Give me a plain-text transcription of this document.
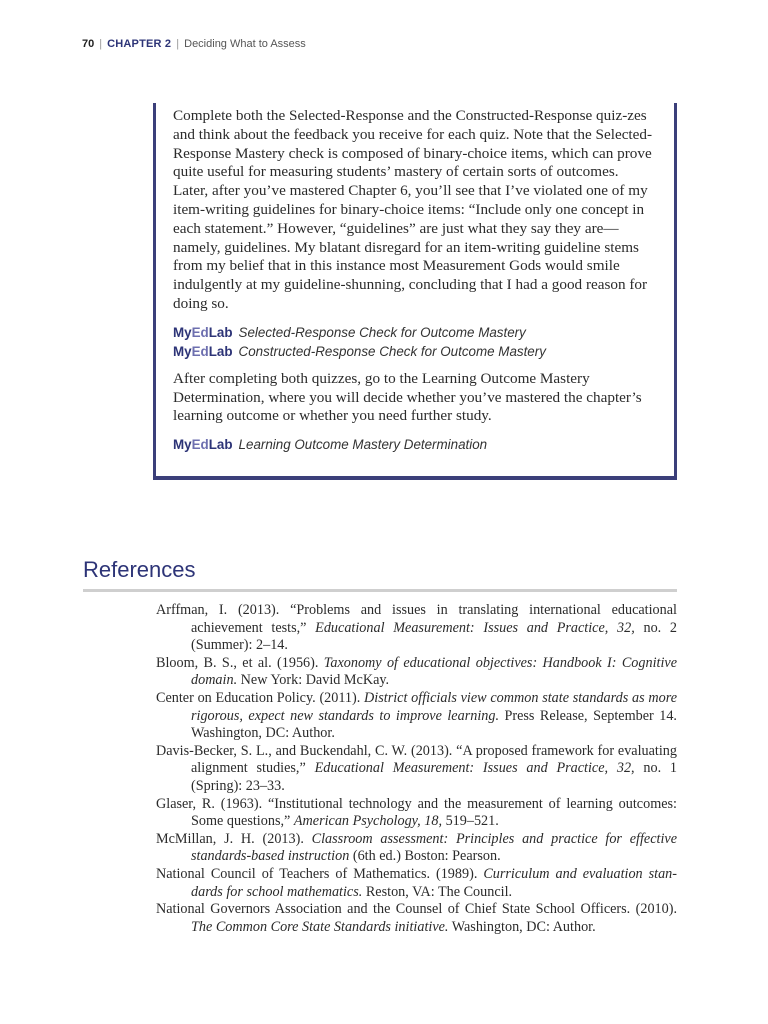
70 | CHAPTER 2 | Deciding What to Assess

Complete both the Selected-Response and the Constructed-Response quiz-zes and think about the feedback you receive for each quiz. Note that the Selected-Response Mastery check is composed of binary-choice items, which can prove quite useful for measuring students’ mastery of certain sorts of outcomes. Later, after you’ve mastered Chapter 6, you’ll see that I’ve violated one of my item-writing guidelines for binary-choice items: “Include only one concept in each statement.” However, “guidelines” are just what they say they are—namely, guidelines. My blatant disregard for an item-writing guideline stems from my belief that in this instance most Measurement Gods would smile indulgently at my guideline-shunning, concluding that I had a good reason for doing so.

MyEdLab Selected-Response Check for Outcome Mastery
MyEdLab Constructed-Response Check for Outcome Mastery

After completing both quizzes, go to the Learning Outcome Mastery Determination, where you will decide whether you’ve mastered the chapter’s learning outcome or whether you need further study.

MyEdLab Learning Outcome Mastery Determination
References
Arffman, I. (2013). “Problems and issues in translating international educational achievement tests,” Educational Measurement: Issues and Practice, 32, no. 2 (Summer): 2–14.
Bloom, B. S., et al. (1956). Taxonomy of educational objectives: Handbook I: Cognitive domain. New York: David McKay.
Center on Education Policy. (2011). District officials view common state standards as more rigorous, expect new standards to improve learning. Press Release, September 14. Washington, DC: Author.
Davis-Becker, S. L., and Buckendahl, C. W. (2013). “A proposed framework for evaluating alignment studies,” Educational Measurement: Issues and Practice, 32, no. 1 (Spring): 23–33.
Glaser, R. (1963). “Institutional technology and the measurement of learning outcomes: Some questions,” American Psychology, 18, 519–521.
McMillan, J. H. (2013). Classroom assessment: Principles and practice for effective standards-based instruction (6th ed.) Boston: Pearson.
National Council of Teachers of Mathematics. (1989). Curriculum and evaluation stan-dards for school mathematics. Reston, VA: The Council.
National Governors Association and the Counsel of Chief State School Officers. (2010). The Common Core State Standards initiative. Washington, DC: Author.
